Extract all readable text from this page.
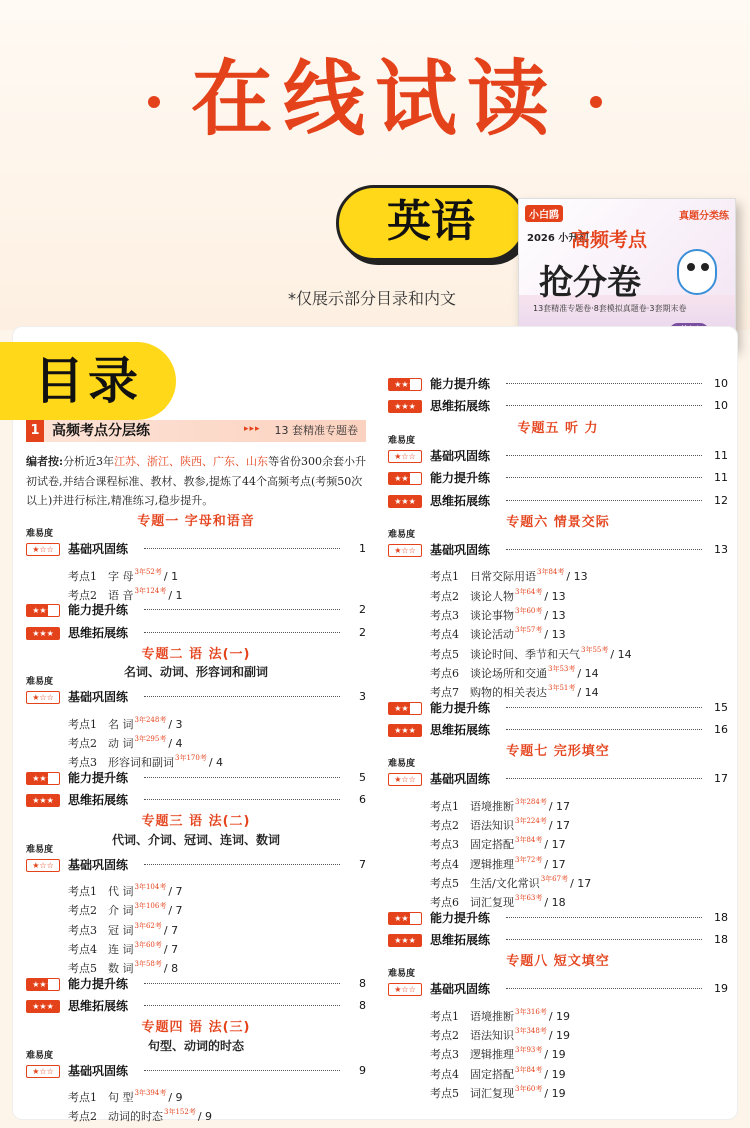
在线试读
英语
*仅展示部分目录和内文
小白鸥	真题分类练
2026 小升初
高频考点
抢分卷
13套精准专题卷·8套模拟真题卷·3套期末卷
目录
1 高频考点分层练	▸▸▸ 13 套精准专题卷
编者按:分析近3年江苏、浙江、陕西、广东、山东等省份300余套小升初试卷,并结合课程标准、教材、教参,提炼了44个高频考点(考频50次以上)并进行标注,精准练习,稳步提升。
专题一 字母和语音
难易度
★☆☆	基础巩固练	1
考点1 字 母$^{3年52考}$ / 1
考点2 语 音$^{3年124考}$ / 1
★★☆	能力提升练	2
★★★	思维拓展练	2
专题二 语 法(一)
名词、动词、形容词和副词
难易度
★☆☆	基础巩固练	3
考点1 名 词$^{3年248考}$ / 3
考点2 动 词$^{3年295考}$ / 4
考点3 形容词和副词$^{3年170考}$ / 4
★★☆	能力提升练	5
★★★	思维拓展练	6
专题三 语 法(二)
代词、介词、冠词、连词、数词
难易度
★☆☆	基础巩固练	7
考点1 代 词$^{3年104考}$ / 7
考点2 介 词$^{3年106考}$ / 7
考点3 冠 词$^{3年62考}$ / 7
考点4 连 词$^{3年60考}$ / 7
考点5 数 词$^{3年58考}$ / 8
★★☆	能力提升练	8
★★★	思维拓展练	8
专题四 语 法(三)
句型、动词的时态
难易度
★☆☆	基础巩固练	9
考点1 句 型$^{3年394考}$ / 9
考点2 动词的时态$^{3年152考}$ / 9
★★☆	能力提升练	10
★★★	思维拓展练	10
专题五 听 力
难易度
★☆☆	基础巩固练	11
★★☆	能力提升练	11
★★★	思维拓展练	12
专题六 情景交际
难易度
★☆☆	基础巩固练	13
考点1 日常交际用语$^{3年84考}$ / 13
考点2 谈论人物$^{3年64考}$ / 13
考点3 谈论事物$^{3年60考}$ / 13
考点4 谈论活动$^{3年57考}$ / 13
考点5 谈论时间、季节和天气$^{3年55考}$ / 14
考点6 谈论场所和交通$^{3年53考}$ / 14
考点7 购物的相关表达$^{3年51考}$ / 14
★★☆	能力提升练	15
★★★	思维拓展练	16
专题七 完形填空
难易度
★☆☆	基础巩固练	17
考点1 语境推断$^{3年284考}$ / 17
考点2 语法知识$^{3年224考}$ / 17
考点3 固定搭配$^{3年84考}$ / 17
考点4 逻辑推理$^{3年72考}$ / 17
考点5 生活/文化常识$^{3年67考}$ / 17
考点6 词汇复现$^{3年63考}$ / 18
★★☆	能力提升练	18
★★★	思维拓展练	18
专题八 短文填空
难易度
★☆☆	基础巩固练	19
考点1 语境推断$^{3年316考}$ / 19
考点2 语法知识$^{3年348考}$ / 19
考点3 逻辑推理$^{3年93考}$ / 19
考点4 固定搭配$^{3年84考}$ / 19
考点5 词汇复现$^{3年60考}$ / 19
